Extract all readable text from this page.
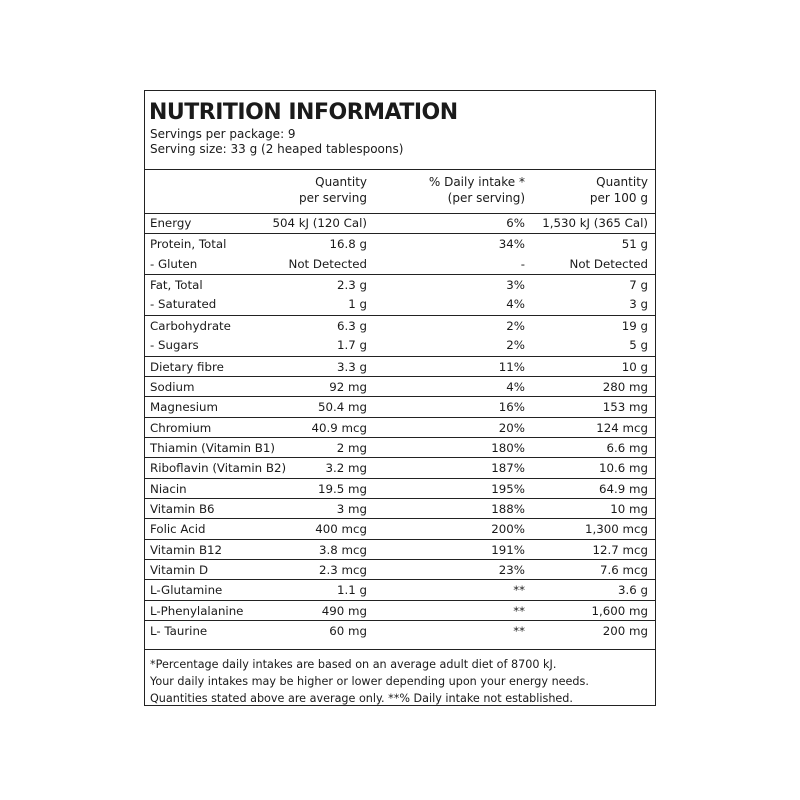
NUTRITION INFORMATION
Servings per package: 9
Serving size: 33 g (2 heaped tablespoons)
Quantity
per serving
% Daily intake *
(per serving)
Quantity
per 100 g
Energy	504 kJ (120 Cal)	6% 1,530 kJ (365 Cal)
Protein, Total	16.8 g	34%	51 g
- Gluten	Not Detected	-	Not Detected
Fat, Total	2.3 g	3%	7 g
- Saturated	1 g	4%	3 g
Carbohydrate	6.3 g	2%	19 g
- Sugars	1.7 g	2%	5 g
Dietary fibre	3.3 g	11%	10 g
Sodium	92 mg	4%	280 mg
Magnesium	50.4 mg	16%	153 mg
Chromium	40.9 mcg	20%	124 mcg
Thiamin (Vitamin B1)	2 mg	180%	6.6 mg
Riboflavin (Vitamin B2)	3.2 mg	187%	10.6 mg
Niacin	19.5 mg	195%	64.9 mg
Vitamin B6	3 mg	188%	10 mg
Folic Acid	400 mcg	200%	1,300 mcg
Vitamin B12	3.8 mcg	191%	12.7 mcg
Vitamin D	2.3 mcg	23%	7.6 mcg
L-Glutamine	1.1 g	**	3.6 g
L-Phenylalanine	490 mg	**	1,600 mg
L- Taurine	60 mg	**	200 mg
*Percentage daily intakes are based on an average adult diet of 8700 kJ.
Your daily intakes may be higher or lower depending upon your energy needs.
Quantities stated above are average only. **% Daily intake not established.
